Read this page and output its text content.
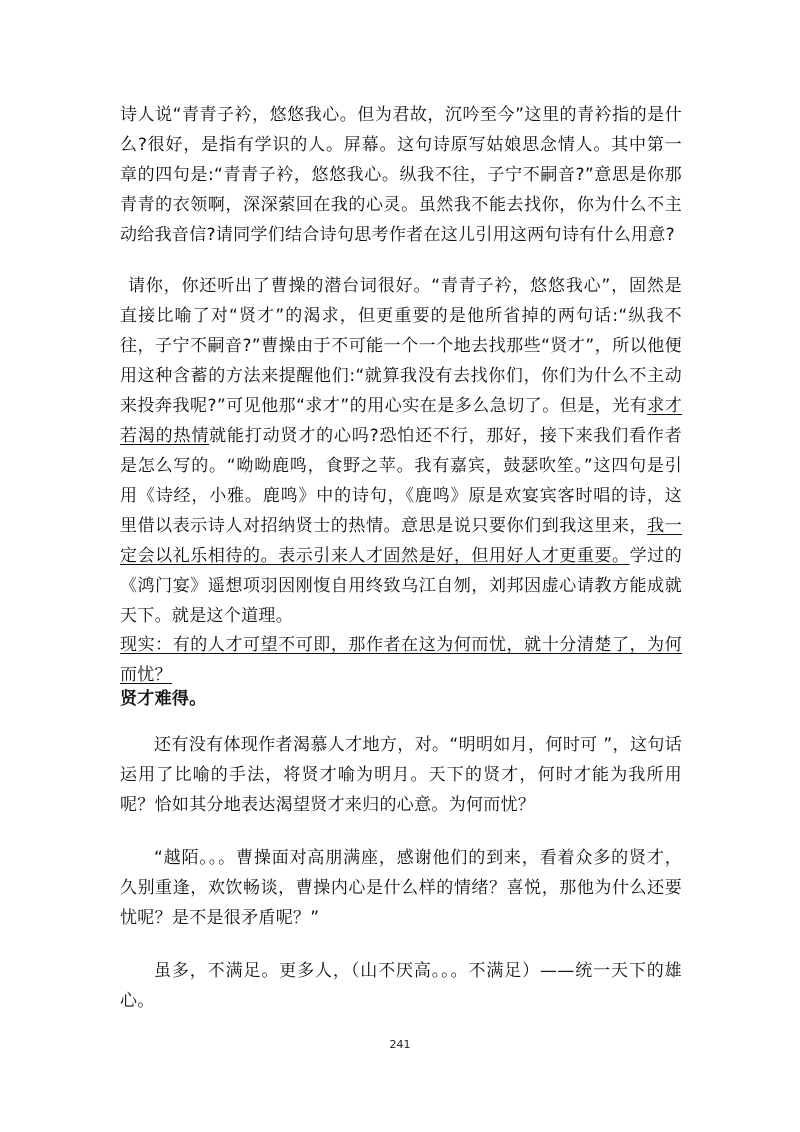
诗人说“青青子衿，悠悠我心。但为君故，沉吟至今”这里的青衿指的是什么?很好，是指有学识的人。屏幕。这句诗原写姑娘思念情人。其中第一章的四句是:“青青子衿，悠悠我心。纵我不往，子宁不嗣音?”意思是你那青青的衣领啊，深深萦回在我的心灵。虽然我不能去找你，你为什么不主动给我音信?请同学们结合诗句思考作者在这儿引用这两句诗有什么用意?

请你，你还听出了曹操的潜台词很好。“青青子衿，悠悠我心”，固然是直接比喻了对“贤才”的渴求，但更重要的是他所省掉的两句话:“纵我不往，子宁不嗣音?”曹操由于不可能一个一个地去找那些“贤才”，所以他便用这种含蓄的方法来提醒他们:“就算我没有去找你们，你们为什么不主动来投奔我呢?”可见他那“求才”的用心实在是多么急切了。但是，光有求才若渴的热情就能打动贤才的心吗?恐怕还不行，那好，接下来我们看作者是怎么写的。“呦呦鹿鸣，食野之苹。我有嘉宾，鼓瑟吹笙。”这四句是引用《诗经，小雅。鹿鸣》中的诗句，《鹿鸣》原是欢宴宾客时唱的诗，这里借以表示诗人对招纳贤士的热情。意思是说只要你们到我这里来，我一定会以礼乐相待的。表示引来人才固然是好，但用好人才更重要。学过的《鸿门宴》遥想项羽因刚愎自用终致乌江自刎，刘邦因虚心请教方能成就天下。就是这个道理。

现实：有的人才可望不可即，那作者在这为何而忧，就十分清楚了，为何而忧？

贤才难得。

还有没有体现作者渴慕人才地方，对。“明明如月，何时可 ”，这句话运用了比喻的手法，将贤才喻为明月。天下的贤才，何时才能为我所用呢？恰如其分地表达渴望贤才来归的心意。为何而忧？

“越陌。。。曹操面对高朋满座，感谢他们的到来，看着众多的贤才，久别重逢，欢饮畅谈，曹操内心是什么样的情绪？喜悦，那他为什么还要忧呢？是不是很矛盾呢？”

虽多，不满足。更多人，（山不厌高。。。不满足）——统一天下的雄心。

241
